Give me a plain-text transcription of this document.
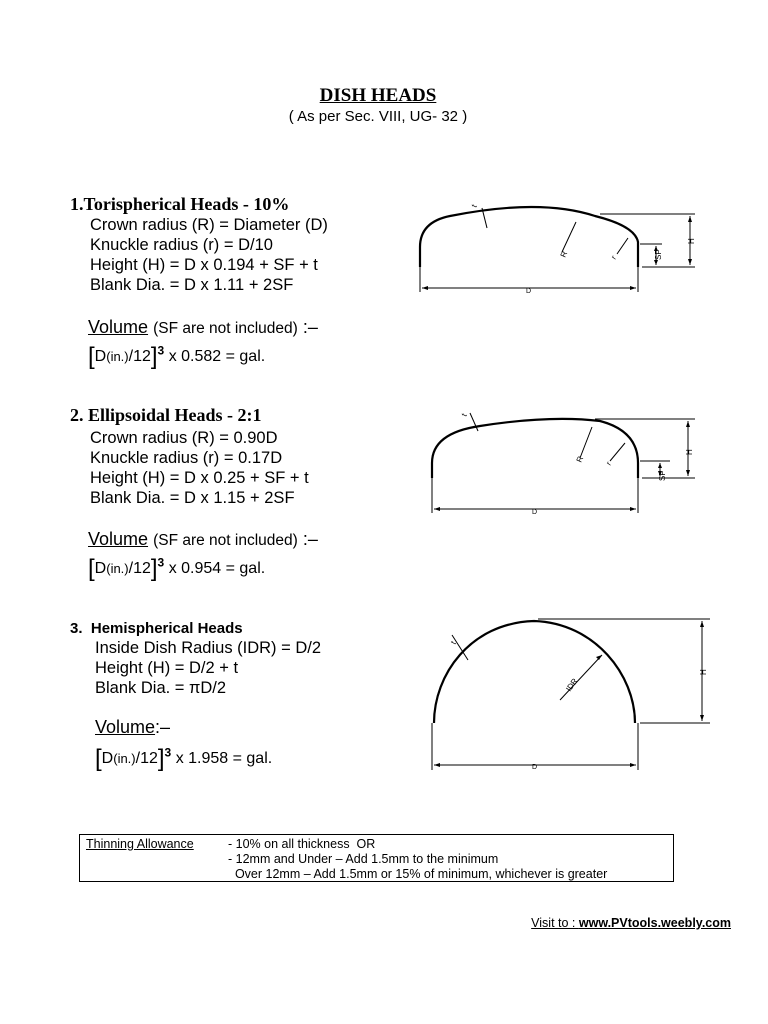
DISH HEADS
( As per Sec. VIII, UG- 32 )
1.Torispherical Heads - 10%
Crown radius (R) = Diameter (D)
Knuckle radius (r) = D/10
Height (H) = D x 0.194 + SF + t
Blank Dia. = D x 1.11 + 2SF
Volume (SF are not included) :–
$[D(in.)/12]^3$ x 0.582 = gal.
2. Ellipsoidal Heads - 2:1
Crown radius (R) = 0.90D
Knuckle radius (r) = 0.17D
Height (H) = D x 0.25 + SF + t
Blank Dia. = D x 1.15 + 2SF
Volume (SF are not included) :–
$[D(in.)/12]^3$ x 0.954 = gal.
3. Hemispherical Heads
Inside Dish Radius (IDR) = D/2
Height (H) = D/2 + t
Blank Dia. = πD/2
Volume:–
$[D(in.)/12]^3$ x 1.958 = gal.
t
R	r	SF
H
D
t
R r
SF
H
D
t
IDR
H
D
Thinning Allowance	- 10% on all thickness  OR
- 12mm and Under – Add 1.5mm to the minimum
Over 12mm – Add 1.5mm or 15% of minimum, whichever is greater
Visit to : www.PVtools.weebly.com
